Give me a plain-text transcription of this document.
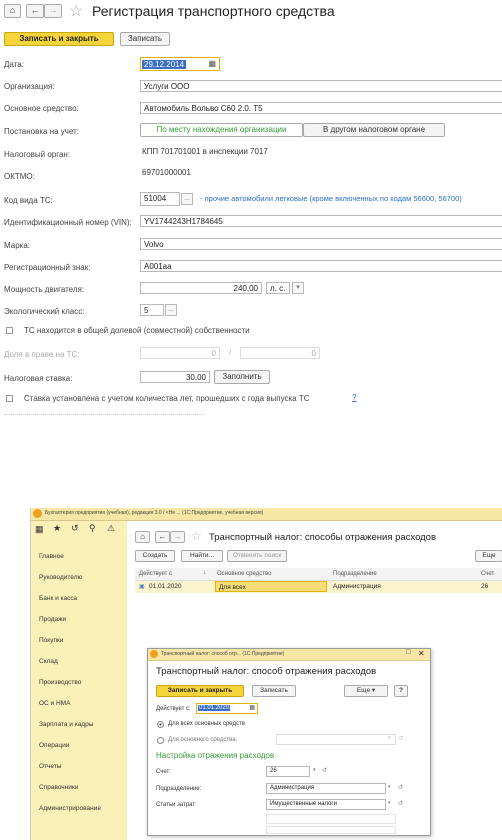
⌂	←	→ ☆ Регистрация транспортного средства
Записать и закрыть	Записать
Дата:	29.12.2014	▦
Организация:	Услуги ООО
Основное средство:	Автомобиль Вольво С60 2.0. Т5
Постановка на учет:	По месту нахождения организации	В другом налоговом органе
Налоговый орган:	КПП 701701001 в инспекции 7017
ОКТМО:	69701000001
Код вида ТС:	51004	...	- прочие автомобили легковые (кроме включенных по кодам 56600, 56700)
Идентификационный номер (VIN):	YV1744243H1784645
Марка:	Volvo
Регистрационный знак:	А001аа
Мощность двигателя:	240,00	л. с.	▾
Экологический класс:	5	...
ТС находится в общей долевой (совместной) собственности
Доля в праве на ТС:	0	/	0
Налоговая ставка:	30,00	Заполнить
Ставка установлена с учетом количества лет, прошедших с года выпуска ТС	?
Бухгалтерия предприятия (учебная), редакция 3.0 / <Не ... (1С:Предприятие, учебная версия)
▦ ★ ↺ ⚲ ⚠
Главное
Руководителю
Банк и касса
Продажи
Покупки
Склад
Производство
ОС и НМА
Зарплата и кадры
Операции
Отчеты
Справочники
Администрирование
⌂	← → ☆ Транспортный налог: способы отражения расходов
Создать	Найти...	Отменить поиск	Еще
Действует с	↓ Основное средство	Подразделение	Счет
▣ 01.01.2020	Для всех	Администрация	26
Транспортный налог: способ отр... (1С:Предприятие)	✕
□
Транспортный налог: способ отражения расходов
Записать и закрыть	Записать	Еще ▾	?
Действует с:	01.01.2020	▦
Для всех основных средств
Для основного средства:	▾ ↺
Настройка отражения расходов
Счет:	26	▾ ↺
Подразделение:	Администрация	▾ ↺
Статьи затрат:	Имущественные налоги	▾ ↺
